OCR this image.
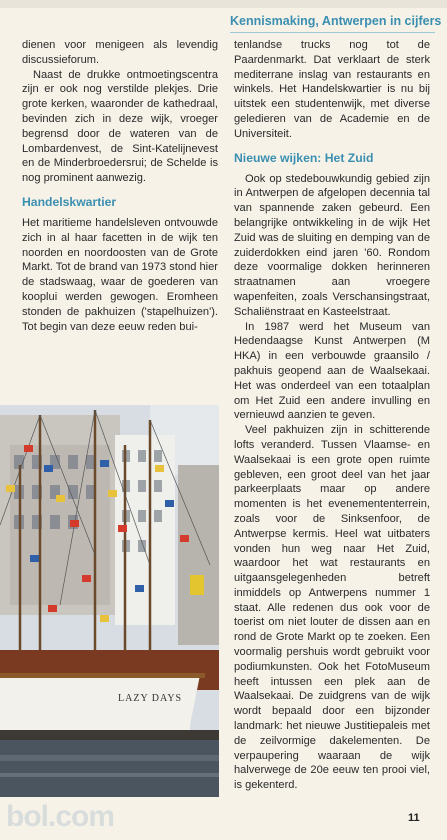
Kennismaking, Antwerpen in cijfers

dienen voor menigeen als levendig discussieforum.

Naast de drukke ontmoetingscentra zijn er ook nog verstilde plekjes. Drie grote kerken, waaronder de kathedraal, bevinden zich in deze wijk, vroeger begrensd door de wateren van de Lombardenvest, de Sint-Katelijnevest en de Minderbroedersrui; de Schelde is nog prominent aanwezig.

Handelskwartier

Het maritieme handelsleven ontvouwde zich in al haar facetten in de wijk ten noorden en noordoosten van de Grote Markt. Tot de brand van 1973 stond hier de stadswaag, waar de goederen van kooplui werden gewogen. Eromheen stonden de pakhuizen ('stapelhuizen'). Tot begin van deze eeuw reden bui-

tenlandse trucks nog tot de Paardenmarkt. Dat verklaart de sterk mediterrane inslag van restaurants en winkels. Het Handelskwartier is nu bij uitstek een studentenwijk, met diverse geledieren van de Academie en de Universiteit.

Nieuwe wijken: Het Zuid

Ook op stedebouwkundig gebied zijn in Antwerpen de afgelopen decennia tal van spannende zaken gebeurd. Een belangrijke ontwikkeling in de wijk Het Zuid was de sluiting en demping van de zuiderdokken eind jaren '60. Rondom deze voormalige dokken herinneren straatnamen aan vroegere wapenfeiten, zoals Verschansingstraat, Schaliënstraat en Kasteelstraat.

In 1987 werd het Museum van Hedendaagse Kunst Antwerpen (M HKA) in een verbouwde graansilo / pakhuis geopend aan de Waalsekaai. Het was onderdeel van een totaalplan om Het Zuid een andere invulling en vernieuwd aanzien te geven.

Veel pakhuizen zijn in schitterende lofts veranderd. Tussen Vlaamse- en Waalsekaai is een grote open ruimte gebleven, een groot deel van het jaar parkeerplaats maar op andere momenten is het evenemententerrein, zoals voor de Sinksenfoor, de Antwerpse kermis. Heel wat uitbaters vonden hun weg naar Het Zuid, waardoor het wat restaurants en uitgaansgelegenheden betreft inmiddels op Antwerpens nummer 1 staat. Alle redenen dus ook voor de toerist om niet louter de dissen aan en rond de Grote Markt op te zoeken. Een voormalig pershuis wordt gebruikt voor podiumkunsten. Ook het FotoMuseum heeft intussen een plek aan de Waalsekaai. De zuidgrens van de wijk wordt bepaald door een bijzonder landmark: het nieuwe Justitiepaleis met de zeilvormige dakelementen. De verpaupering waaraan de wijk halverwege de 20e eeuw ten prooi viel, is gekenterd.

LAZY DAYS
bol.com	11
